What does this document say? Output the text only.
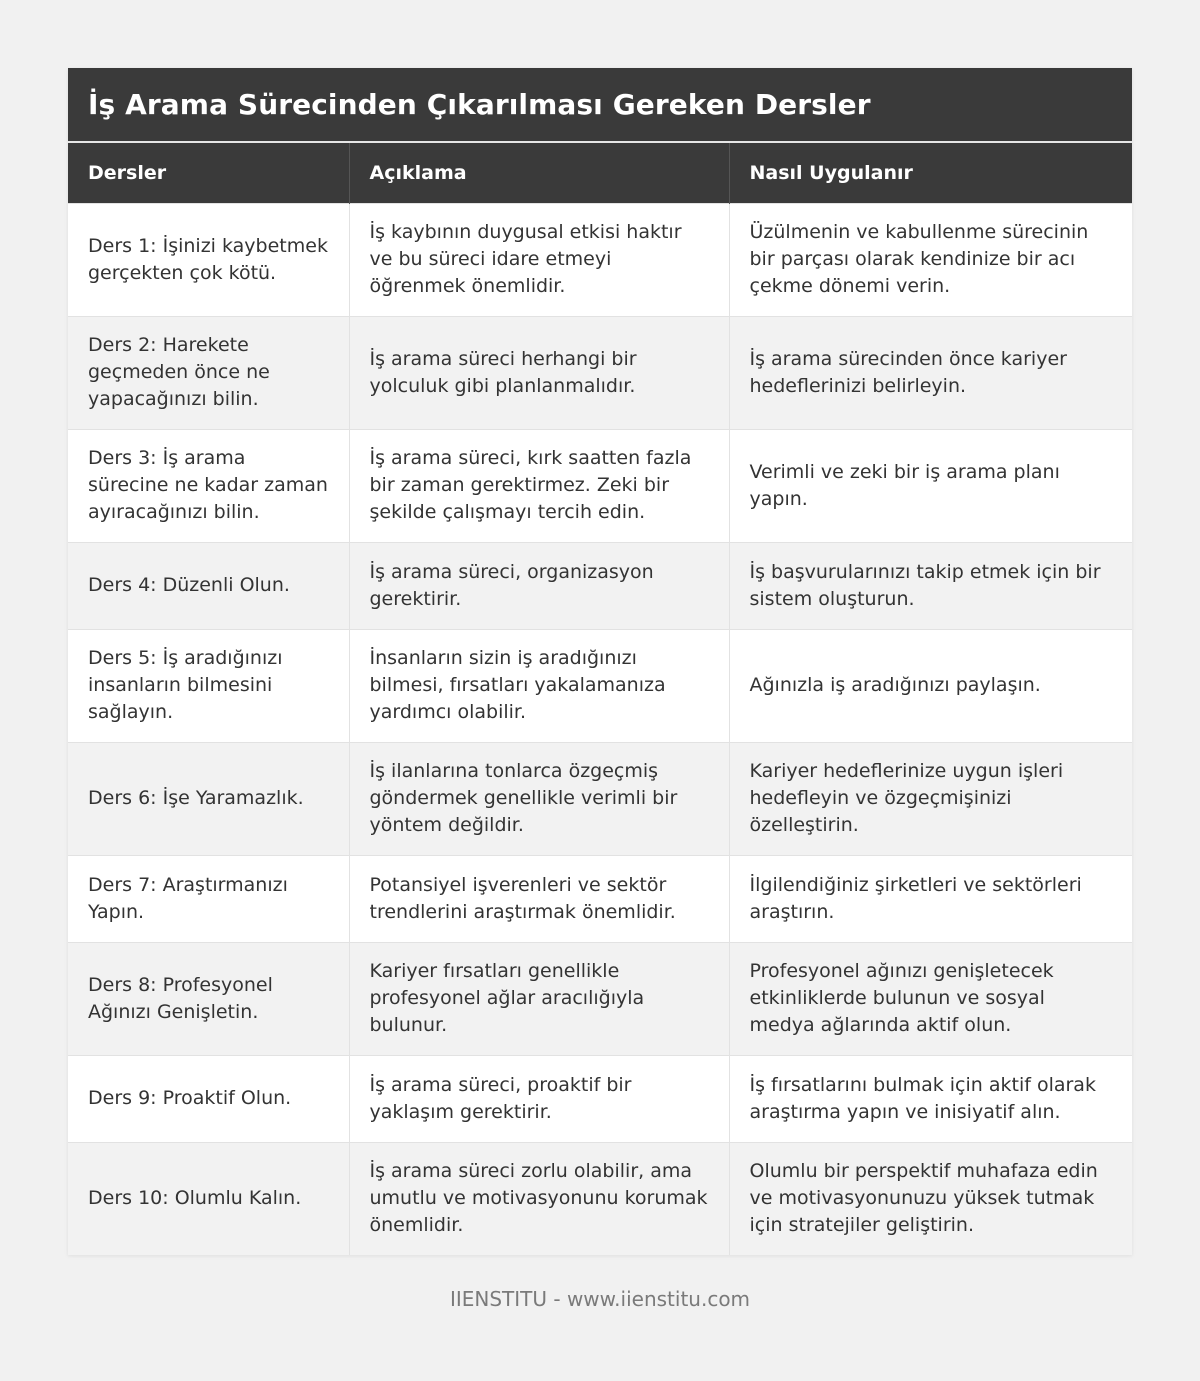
İş Arama Sürecinden Çıkarılması Gereken Dersler
Dersler	Açıklama	Nasıl Uygulanır
Ders 1: İşinizi kaybetmek gerçekten çok kötü.	İş kaybının duygusal etkisi haktır ve bu süreci idare etmeyi öğrenmek önemlidir.	Üzülmenin ve kabullenme sürecinin bir parçası olarak kendinize bir acı çekme dönemi verin.
Ders 2: Harekete geçmeden önce ne yapacağınızı bilin.	İş arama süreci herhangi bir yolculuk gibi planlanmalıdır.	İş arama sürecinden önce kariyer hedeflerinizi belirleyin.
Ders 3: İş arama sürecine ne kadar zaman ayıracağınızı bilin.	İş arama süreci, kırk saatten fazla bir zaman gerektirmez. Zeki bir şekilde çalışmayı tercih edin.	Verimli ve zeki bir iş arama planı yapın.
Ders 4: Düzenli Olun.	İş arama süreci, organizasyon gerektirir.	İş başvurularınızı takip etmek için bir sistem oluşturun.
Ders 5: İş aradığınızı insanların bilmesini sağlayın.	İnsanların sizin iş aradığınızı bilmesi, fırsatları yakalamanıza yardımcı olabilir.	Ağınızla iş aradığınızı paylaşın.
Ders 6: İşe Yaramazlık.	İş ilanlarına tonlarca özgeçmiş göndermek genellikle verimli bir yöntem değildir.	Kariyer hedeflerinize uygun işleri hedefleyin ve özgeçmişinizi özelleştirin.
Ders 7: Araştırmanızı Yapın.	Potansiyel işverenleri ve sektör trendlerini araştırmak önemlidir.	İlgilendiğiniz şirketleri ve sektörleri araştırın.
Ders 8: Profesyonel Ağınızı Genişletin.	Kariyer fırsatları genellikle profesyonel ağlar aracılığıyla bulunur.	Profesyonel ağınızı genişletecek etkinliklerde bulunun ve sosyal medya ağlarında aktif olun.
Ders 9: Proaktif Olun.	İş arama süreci, proaktif bir yaklaşım gerektirir.	İş fırsatlarını bulmak için aktif olarak araştırma yapın ve inisiyatif alın.
Ders 10: Olumlu Kalın.	İş arama süreci zorlu olabilir, ama umutlu ve motivasyonunu korumak önemlidir.	Olumlu bir perspektif muhafaza edin ve motivasyonunuzu yüksek tutmak için stratejiler geliştirin.
IIENSTITU - www.iienstitu.com
